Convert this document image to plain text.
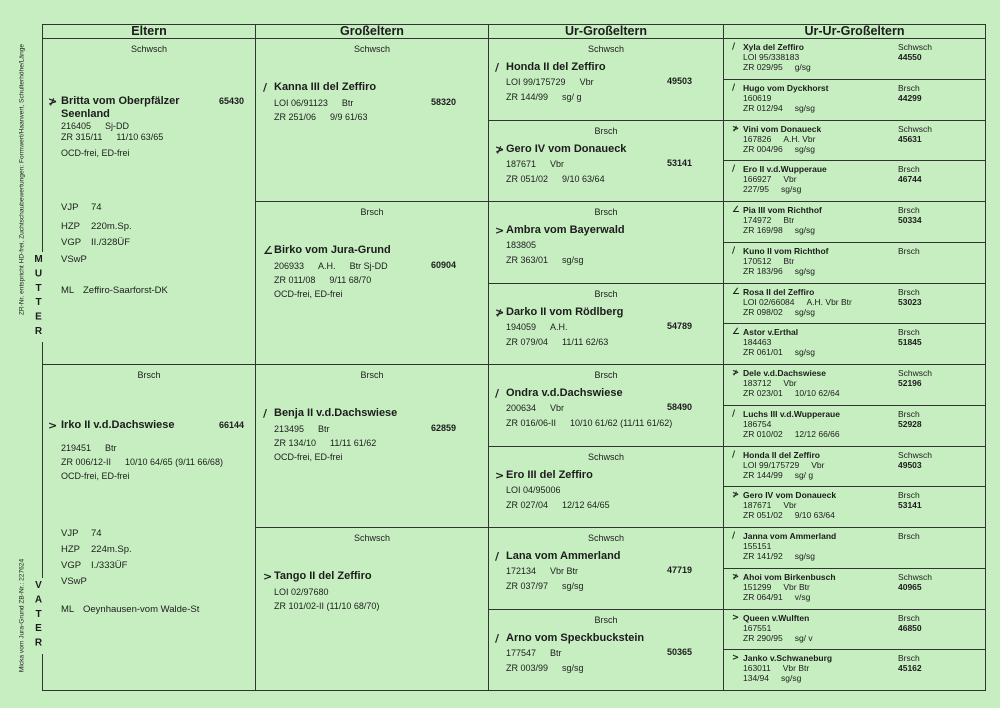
ZR-Nr. entspricht HD-frei, Zuchtschaubewertungen: Formwert/Haarwert, Schulterhöhe/Länge
Micka vom Jura-Grund ZB-Nr.: 227624
Eltern	Großeltern	Ur-Großeltern	Ur-Ur-Großeltern
Schwsch
≯ Britta vom Oberpfälzer Seenland
65430
216405 Sj-DD
ZR 315/11 11/10 63/65
OCD-frei, ED-frei
VJP 74
HZP 220m.Sp.
VGP II./328ÜF
VSwP
ML Zeffiro-Saarforst-DK
Brsch
> Irko II v.d.Dachswiese	66144
219451 Btr
ZR 006/12-II 10/10 64/65 (9/11 66/68)
OCD-frei, ED-frei
VJP 74
HZP 224m.Sp.
VGP I./333ÜF
VSwP
ML Oeynhausen-vom Walde-St
Schwsch
/ Kanna III del Zeffiro
58320
LOI 06/91123 Btr
ZR 251/06 9/9 61/63
Brsch
∠ Birko vom Jura-Grund
60904
206933 A.H. Btr Sj-DD
ZR 011/08 9/11 68/70
OCD-frei, ED-frei
Brsch
/ Benja II v.d.Dachswiese
62859
213495 Btr
ZR 134/10 11/11 61/62
OCD-frei, ED-frei
Schwsch
> Tango II del Zeffiro
LOI 02/97680
ZR 101/02-II (11/10 68/70)
Schwsch
/ Honda II del Zeffiro
49503
LOI 99/175729 Vbr
ZR 144/99 sg/ g
Brsch
≯ Gero IV vom Donaueck
53141
187671 Vbr
ZR 051/02 9/10 63/64
Brsch
> Ambra vom Bayerwald
183805
ZR 363/01 sg/sg
Brsch
≯ Darko II vom Rödlberg
54789
194059 A.H.
ZR 079/04 11/11 62/63
Brsch
/ Ondra v.d.Dachswiese
58490
200634 Vbr
ZR 016/06-II 10/10 61/62 (11/11 61/62)
Schwsch
> Ero III del Zeffiro
LOI 04/95006
ZR 027/04 12/12 64/65
Schwsch
/ Lana vom Ammerland
47719
172134 Vbr Btr
ZR 037/97 sg/sg
Brsch
/ Arno vom Speckbuckstein
50365
177547 Btr
ZR 003/99 sg/sg
/ Xyla del Zeffiro	Schwsch
44550
LOI 95/338183
ZR 029/95 g/sg
/ Hugo vom Dyckhorst	Brsch
44299
160619
ZR 012/94 sg/sg
≯ Vini vom Donaueck	Schwsch
45631
167826 A.H. Vbr
ZR 004/96 sg/sg
/ Ero II v.d.Wupperaue	Brsch
46744
166927 Vbr
227/95 sg/sg
∠ Pia III vom Richthof	Brsch
50334
174972 Btr
ZR 169/98 sg/sg
/ Kuno II vom Richthof	Brsch
170512 Btr
ZR 183/96 sg/sg
∠ Rosa II del Zeffiro	Brsch
53023
LOI 02/66084 A.H. Vbr Btr
ZR 098/02 sg/sg
∠ Astor v.Erthal	Brsch
51845
184463
ZR 061/01 sg/sg
≯ Dele v.d.Dachswiese	Schwsch
52196
183712 Vbr
ZR 023/01 10/10 62/64
/ Luchs III v.d.Wupperaue	Brsch
52928
186754
ZR 010/02 12/12 66/66
/ Honda II del Zeffiro	Schwsch
49503
LOI 99/175729 Vbr
ZR 144/99 sg/ g
≯ Gero IV vom Donaueck	Brsch
53141
187671 Vbr
ZR 051/02 9/10 63/64
/ Janna vom Ammerland	Brsch
155151
ZR 141/92 sg/sg
≯ Ahoi vom Birkenbusch	Schwsch
40965
151299 Vbr Btr
ZR 064/91 v/sg
> Queen v.Wulften	Brsch
46850
167551
ZR 290/95 sg/ v
> Janko v.Schwaneburg	Brsch
45162
163011 Vbr Btr
134/94 sg/sg
MUTTER
VATER
